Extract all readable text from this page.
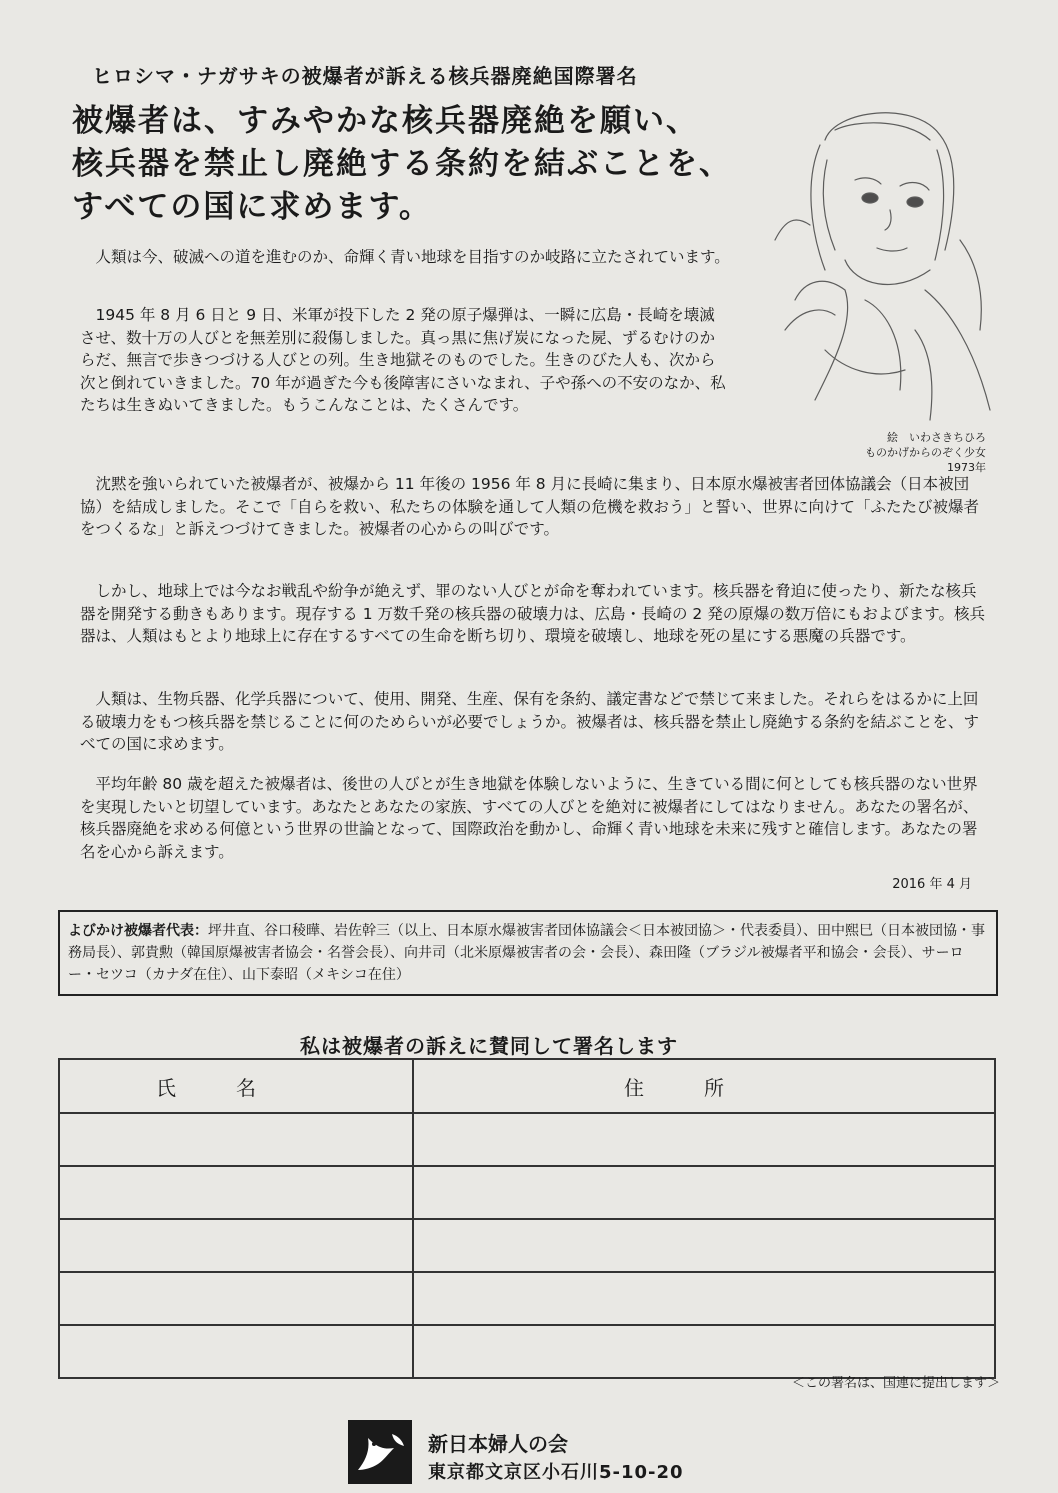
ヒロシマ・ナガサキの被爆者が訴える核兵器廃絶国際署名
被爆者は、すみやかな核兵器廃絶を願い、
核兵器を禁止し廃絶する条約を結ぶことを、
すべての国に求めます。
絵　いわさきちひろ
ものかげからのぞく少女
1973年
人類は今、破滅への道を進むのか、命輝く青い地球を目指すのか岐路に立たされています。
1945 年 8 月 6 日と 9 日、米軍が投下した 2 発の原子爆弾は、一瞬に広島・長崎を壊滅させ、数十万の人びとを無差別に殺傷しました。真っ黒に焦げ炭になった屍、ずるむけのからだ、無言で歩きつづける人びとの列。生き地獄そのものでした。生きのびた人も、次から次と倒れていきました。70 年が過ぎた今も後障害にさいなまれ、子や孫への不安のなか、私たちは生きぬいてきました。もうこんなことは、たくさんです。
沈黙を強いられていた被爆者が、被爆から 11 年後の 1956 年 8 月に長崎に集まり、日本原水爆被害者団体協議会（日本被団協）を結成しました。そこで「自らを救い、私たちの体験を通して人類の危機を救おう」と誓い、世界に向けて「ふたたび被爆者をつくるな」と訴えつづけてきました。被爆者の心からの叫びです。
しかし、地球上では今なお戦乱や紛争が絶えず、罪のない人びとが命を奪われています。核兵器を脅迫に使ったり、新たな核兵器を開発する動きもあります。現存する 1 万数千発の核兵器の破壊力は、広島・長崎の 2 発の原爆の数万倍にもおよびます。核兵器は、人類はもとより地球上に存在するすべての生命を断ち切り、環境を破壊し、地球を死の星にする悪魔の兵器です。
人類は、生物兵器、化学兵器について、使用、開発、生産、保有を条約、議定書などで禁じて来ました。それらをはるかに上回る破壊力をもつ核兵器を禁じることに何のためらいが必要でしょうか。被爆者は、核兵器を禁止し廃絶する条約を結ぶことを、すべての国に求めます。
平均年齢 80 歳を超えた被爆者は、後世の人びとが生き地獄を体験しないように、生きている間に何としても核兵器のない世界を実現したいと切望しています。あなたとあなたの家族、すべての人びとを絶対に被爆者にしてはなりません。あなたの署名が、核兵器廃絶を求める何億という世界の世論となって、国際政治を動かし、命輝く青い地球を未来に残すと確信します。あなたの署名を心から訴えます。
2016 年 4 月
よびかけ被爆者代表：坪井直、谷口稜曄、岩佐幹三（以上、日本原水爆被害者団体協議会＜日本被団協＞・代表委員）、田中熙巳（日本被団協・事務局長）、郭貴勲（韓国原爆被害者協会・名誉会長）、向井司（北米原爆被害者の会・会長）、森田隆（ブラジル被爆者平和協会・会長）、サーロー・セツコ（カナダ在住）、山下泰昭（メキシコ在住）
私は被爆者の訴えに賛同して署名します
氏名	住所

＜この署名は、国連に提出します＞
新日本婦人の会
東京都文京区小石川5-10-20
